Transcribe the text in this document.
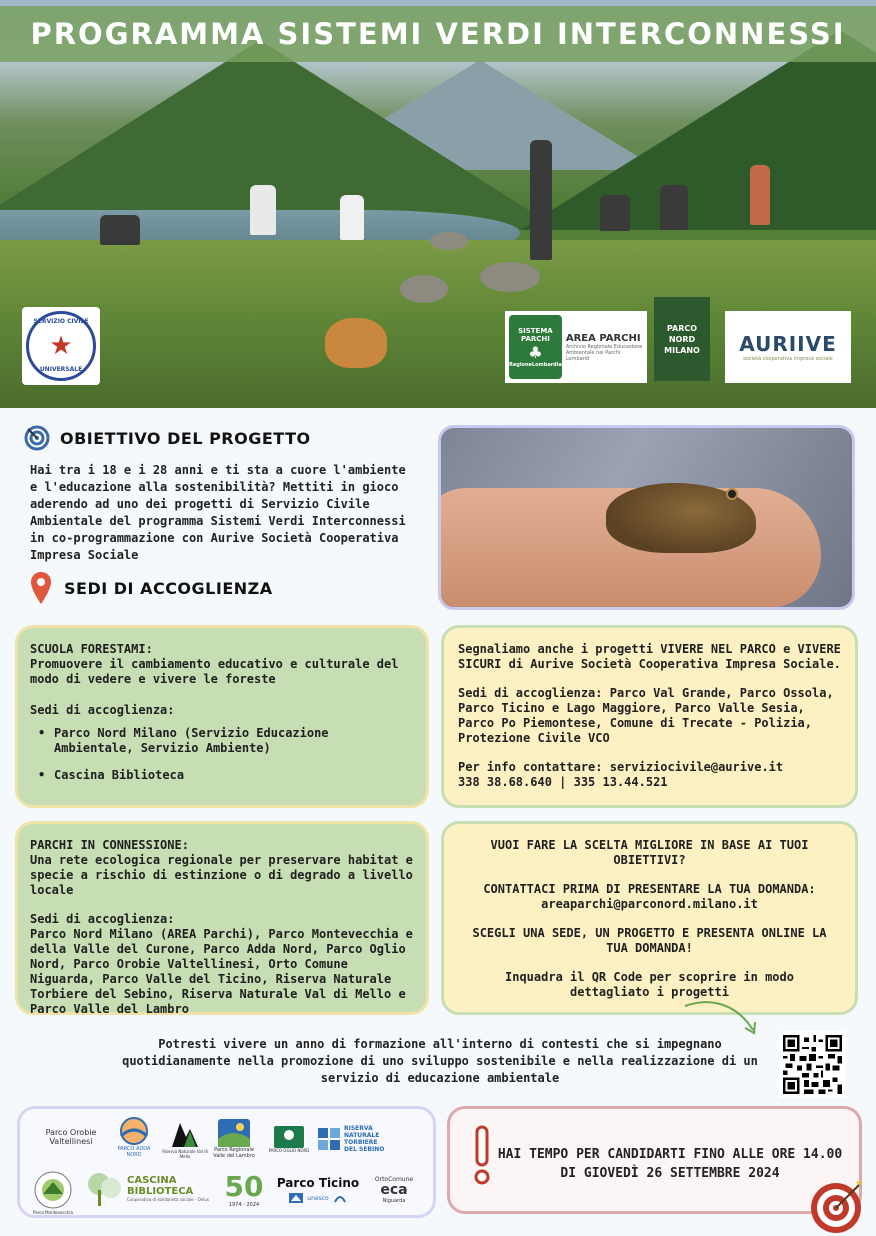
PROGRAMMA SISTEMI VERDI INTERCONNESSI
SERVIZIO CIVILE
★
UNIVERSALE
SISTEMA PARCHI
♣
RegioneLombardia
AREA PARCHI
Archivio Regionale Educazione Ambientale nei Parchi Lombardi
PARCO
NORD
MILANO AURIIVE
società cooperativa impresa sociale
OBIETTIVO DEL PROGETTO
Hai tra i 18 e i 28 anni e ti sta a cuore l'ambiente e l'educazione alla sostenibilità? Mettiti in gioco aderendo ad uno dei progetti di Servizio Civile Ambientale del programma Sistemi Verdi Interconnessi in co-programmazione con Aurive Società Cooperativa Impresa Sociale
SEDI DI ACCOGLIENZA

SCUOLA FORESTAMI:

Promuovere il cambiamento educativo e culturale del modo di vedere e vivere le foreste

Sedi di accoglienza:

• Parco Nord Milano (Servizio Educazione Ambientale, Servizio Ambiente)
• Cascina Biblioteca

PARCHI IN CONNESSIONE:

Una rete ecologica regionale per preservare habitat e specie a rischio di estinzione o di degrado a livello locale

Sedi di accoglienza:

Parco Nord Milano (AREA Parchi), Parco Montevecchia e della Valle del Curone, Parco Adda Nord, Parco Oglio Nord, Parco Orobie Valtellinesi, Orto Comune Niguarda, Parco Valle del Ticino, Riserva Naturale Torbiere del Sebino, Riserva Naturale Val di Mello e Parco Valle del Lambro

Segnaliamo anche i progetti VIVERE NEL PARCO e VIVERE SICURI di Aurive Società Cooperativa Impresa Sociale.

Sedi di accoglienza: Parco Val Grande, Parco Ossola, Parco Ticino e Lago Maggiore, Parco Valle Sesia, Parco Po Piemontese, Comune di Trecate - Polizia, Protezione Civile VCO

Per info contattare: serviziocivile@aurive.it

338 38.68.640 | 335 13.44.521

VUOI FARE LA SCELTA MIGLIORE IN BASE AI TUOI OBIETTIVI?

CONTATTACI PRIMA DI PRESENTARE LA TUA DOMANDA:

areaparchi@parconord.milano.it

SCEGLI UNA SEDE, UN PROGETTO E PRESENTA ONLINE LA TUA DOMANDA!

Inquadra il QR Code per scoprire in modo dettagliato i progetti

Potresti vivere un anno di formazione all'interno di contesti che si impegnano quotidianamente nella promozione di uno sviluppo sostenibile e nella realizzazione di un servizio di educazione ambientale
Parco Orobie Valtellinesi
PARCO ADDA NORD
Riserva Naturale Val di Mello
Parco Regionale Valle del Lambro
PARCO OGLIO NORD
RISERVA
NATURALE
TORBIERE
DEL SEBINO
Parco Montevecchia
CASCINA
BIBLIOTECA
Cooperativa di solidarietà sociale - Onlus 50
1974 - 2024
Parco Ticino
unesco
OrtoComune
eca
Niguarda
HAI TEMPO PER CANDIDARTI FINO ALLE ORE 14.00 DI GIOVEDÌ 26 SETTEMBRE 2024
